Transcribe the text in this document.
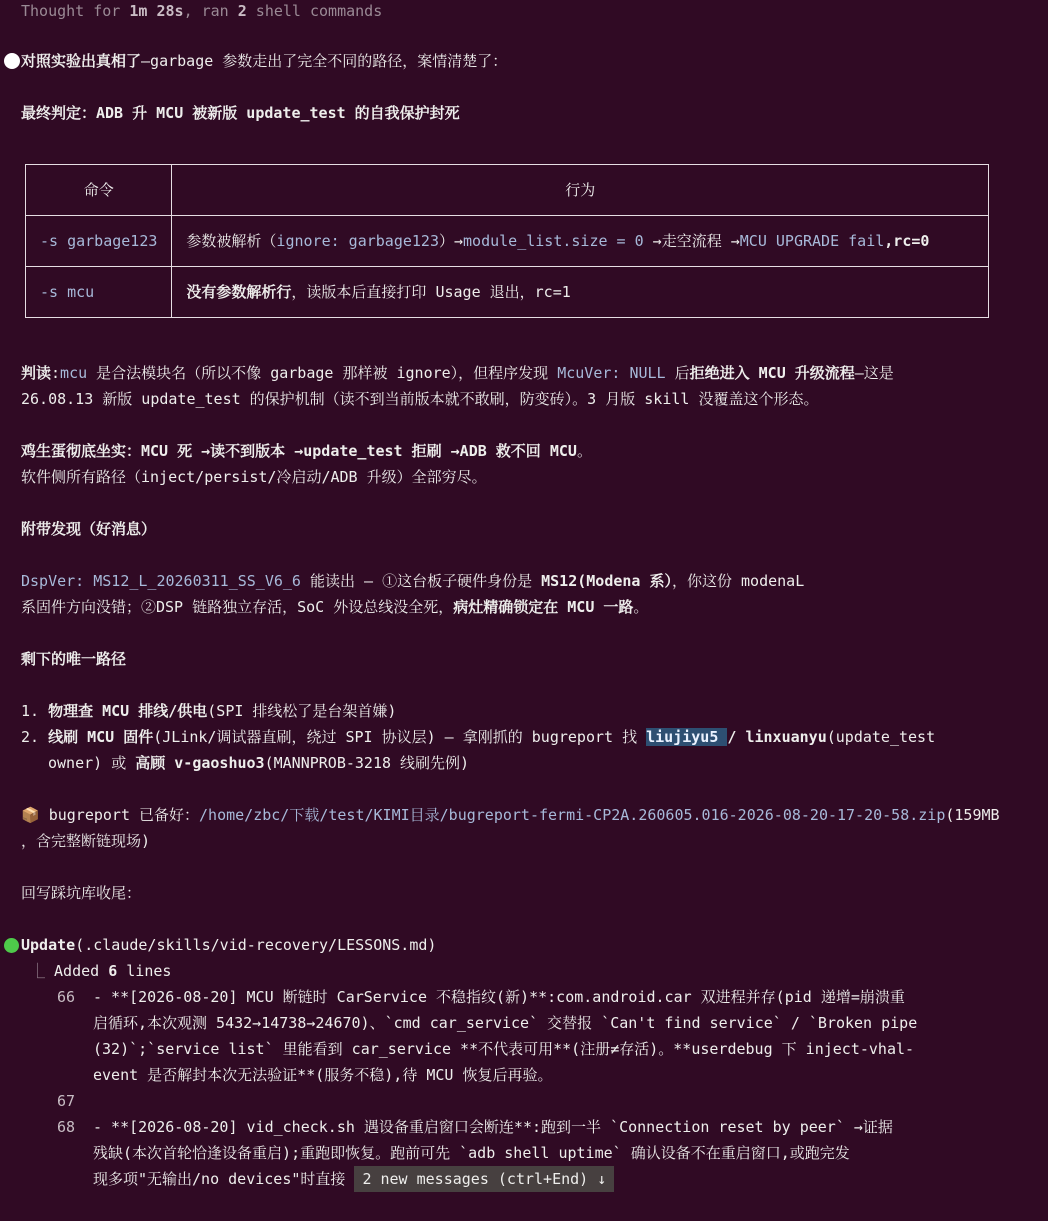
Thought for 1m 28s, ran 2 shell commands
对照实验出真相了—garbage 参数走出了完全不同的路径，案情清楚了：
最终判定：ADB 升 MCU 被新版 update_test 的自我保护封死
命令	行为
-s garbage123	参数被解析（ignore: garbage123）→module_list.size = 0 →走空流程 →MCU UPGRADE fail,rc=0
-s mcu	没有参数解析行，读版本后直接打印 Usage 退出，rc=1
判读:mcu 是合法模块名（所以不像 garbage 那样被 ignore），但程序发现 McuVer: NULL 后拒绝进入 MCU 升级流程—这是
26.08.13 新版 update_test 的保护机制（读不到当前版本就不敢刷，防变砖）。3 月版 skill 没覆盖这个形态。
鸡生蛋彻底坐实：MCU 死 →读不到版本 →update_test 拒刷 →ADB 救不回 MCU。
软件侧所有路径（inject/persist/冷启动/ADB 升级）全部穷尽。
附带发现（好消息）
DspVer: MS12_L_20260311_SS_V6_6 能读出 — ①这台板子硬件身份是 MS12(Modena 系），你这份 modenaL
系固件方向没错；②DSP 链路独立存活，SoC 外设总线没全死，病灶精确锁定在 MCU 一路。
剩下的唯一路径
1. 物理查 MCU 排线/供电(SPI 排线松了是台架首嫌)
2. 线刷 MCU 固件(JLink/调试器直刷，绕过 SPI 协议层) — 拿刚抓的 bugreport 找 liujiyu5 / linxuanyu(update_test
owner) 或 高顾 v-gaoshuo3(MANNPROB-3218 线刷先例)
📦 bugreport 已备好：/home/zbc/下载/test/KIMI目录/bugreport-fermi-CP2A.260605.016-2026-08-20-17-20-58.zip(159MB
，含完整断链现场)
回写踩坑库收尾：
Update(.claude/skills/vid-recovery/LESSONS.md)
⎿ Added 6 lines
66 - **[2026-08-20] MCU 断链时 CarService 不稳指纹(新)**:com.android.car 双进程并存(pid 递增=崩溃重
启循环,本次观测 5432→14738→24670)、`cmd car_service` 交替报 `Can't find service` / `Broken pipe
(32)`;`service list` 里能看到 car_service **不代表可用**(注册≠存活)。**userdebug 下 inject-vhal-
event 是否解封本次无法验证**(服务不稳),待 MCU 恢复后再验。
67
68 - **[2026-08-20] vid_check.sh 遇设备重启窗口会断连**:跑到一半 `Connection reset by peer` →证据
残缺(本次首轮恰逢设备重启);重跑即恢复。跑前可先 `adb shell uptime` 确认设备不在重启窗口,或跑完发
现多项"无输出/no devices"时直接 2 new messages (ctrl+End) ↓
